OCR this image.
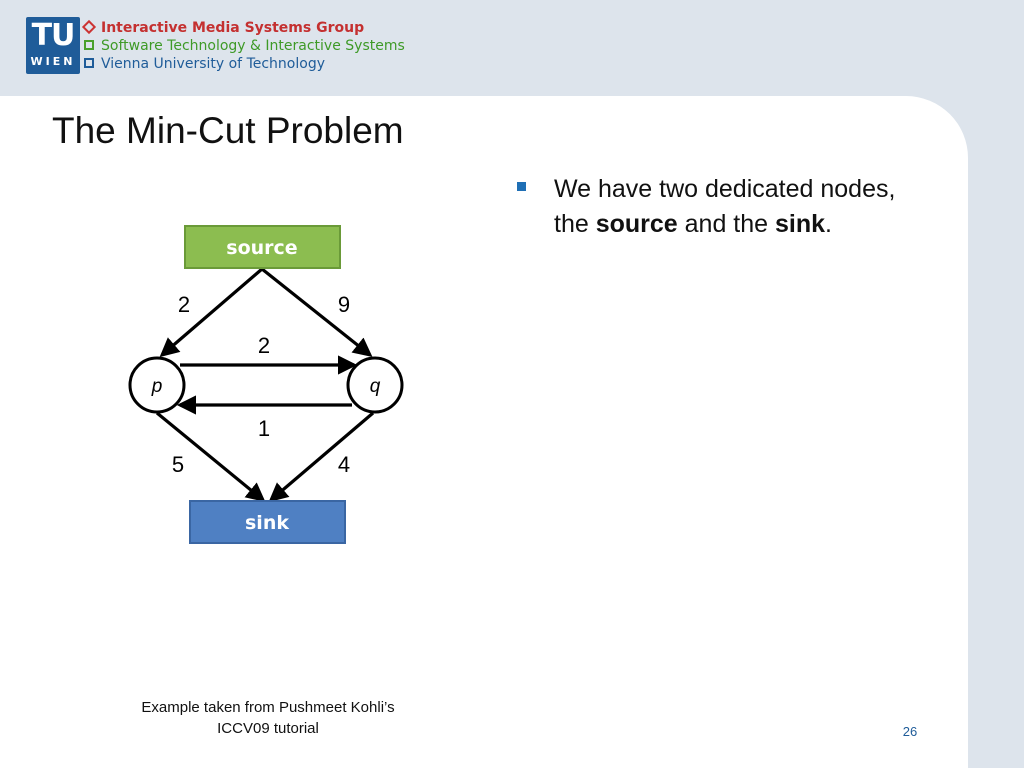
TU
WIEN
Interactive Media Systems Group
Software Technology & Interactive Systems
Vienna University of Technology
The Min-Cut Problem
We have two dedicated nodes, the source and the sink.
source
sink
p	q
2	9
2
1
5	4
Example taken from Pushmeet Kohli’s
ICCV09 tutorial	26
